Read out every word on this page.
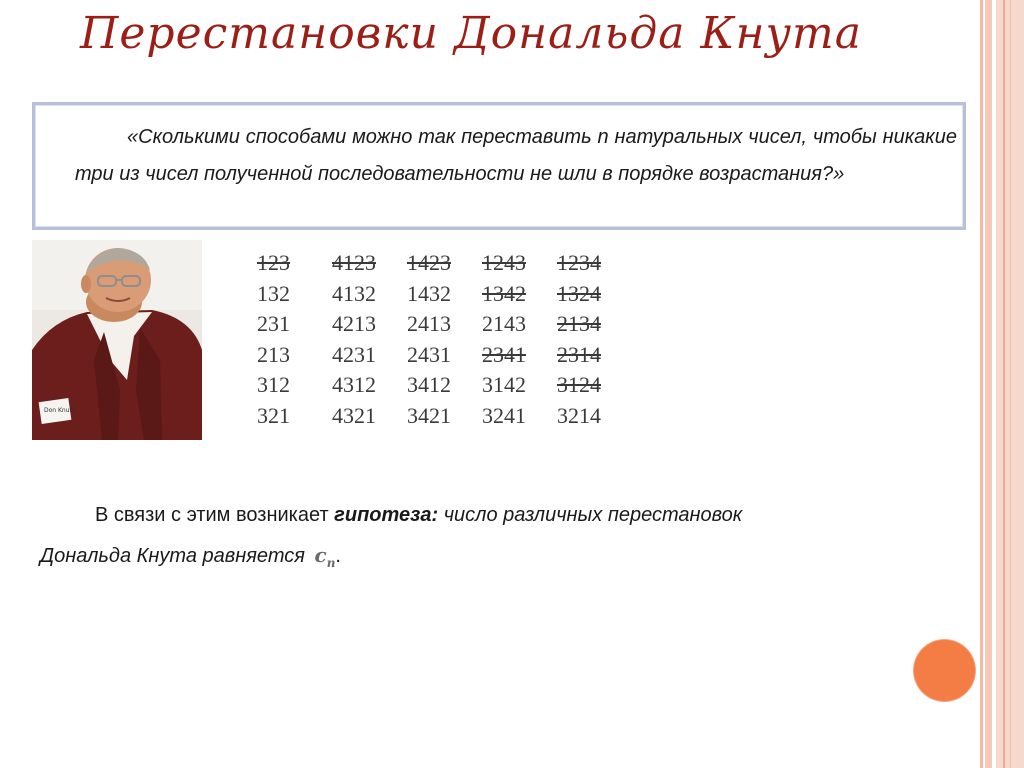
Перестановки Дональда Кнута

«Сколькими способами можно так переставить n натуральных чисел, чтобы никакие три из чисел полученной последовательности не шли в порядке возрастания?»

Don Knuth
123 4123 1423 1243 1234
132 4132 1432 1342 1324
231 4213 2413 2143 2134
213 4231 2431 2341 2314
312 4312 3412 3142 3124
321 4321 3421 3241 3214

В связи с этим возникает гипотеза: число различных перестановок
Дональда Кнута равняется $c_n$.
